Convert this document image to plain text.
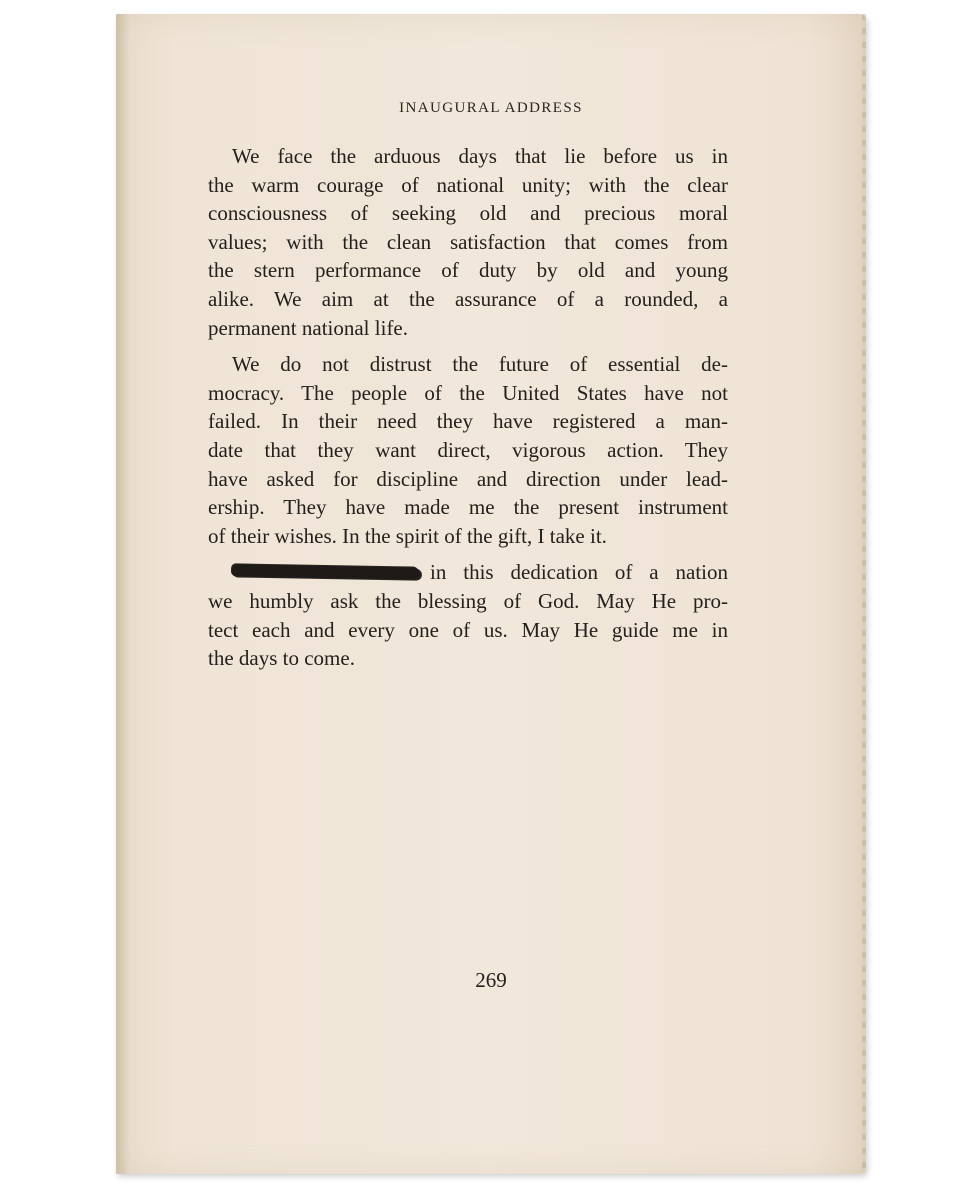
INAUGURAL ADDRESS

We face the arduous days that lie before us in
the warm courage of national unity; with the clear
consciousness of seeking old and precious moral
values; with the clean satisfaction that comes from
the stern performance of duty by old and young
alike. We aim at the assurance of a rounded, a
permanent national life.

We do not distrust the future of essential de-
mocracy. The people of the United States have not
failed. In their need they have registered a man-
date that they want direct, vigorous action. They
have asked for discipline and direction under lead-
ership. They have made me the present instrument
of their wishes. In the spirit of the gift, I take it.

in this dedication of a nation
we humbly ask the blessing of God. May He pro-
tect each and every one of us. May He guide me in
the days to come.

269
